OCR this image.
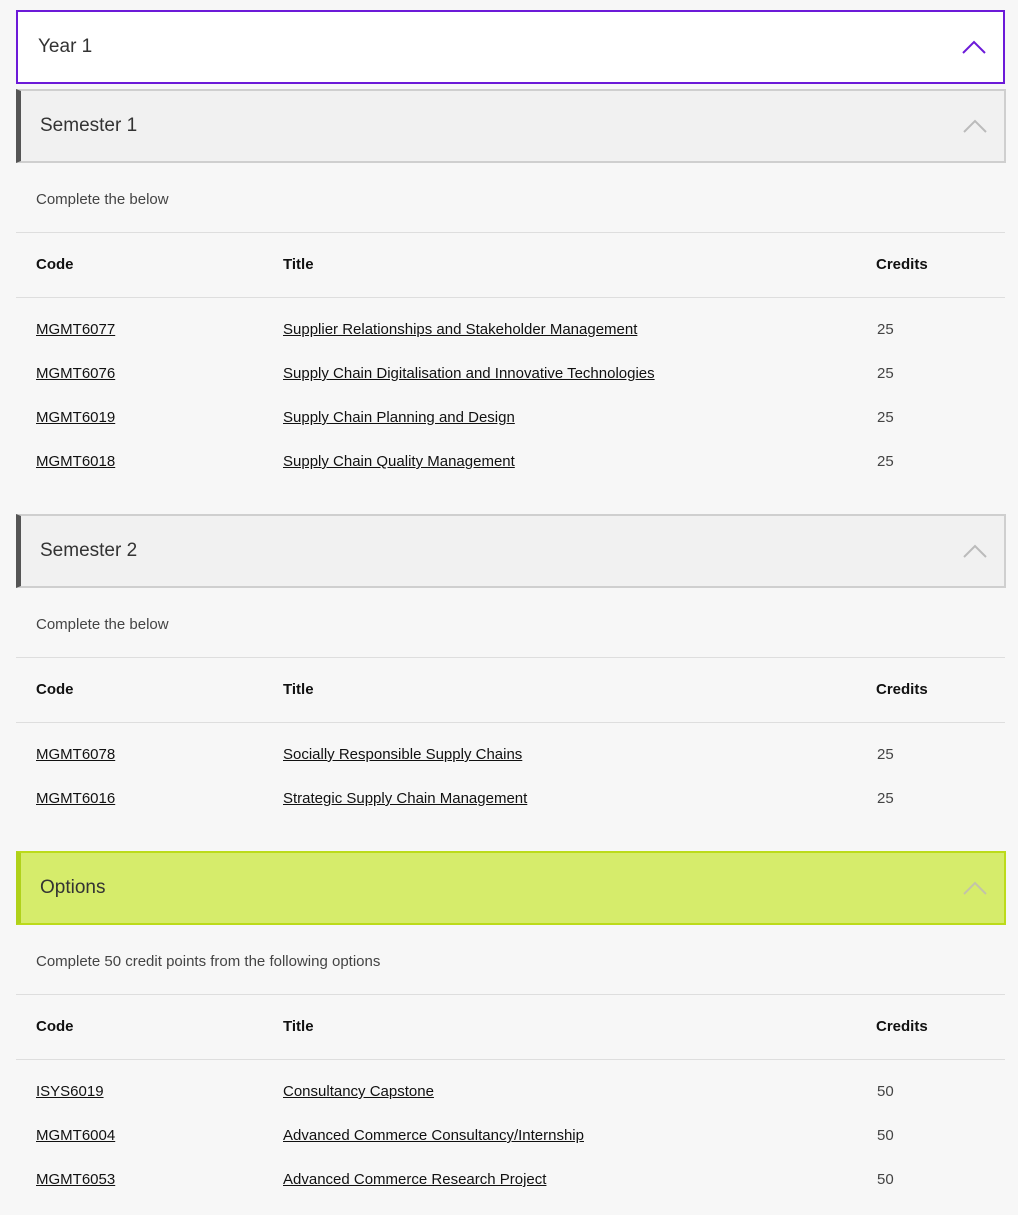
Year 1
Semester 1
Complete the below
Code	Title	Credits
MGMT6077	Supplier Relationships and Stakeholder Management	25
MGMT6076	Supply Chain Digitalisation and Innovative Technologies	25
MGMT6019	Supply Chain Planning and Design	25
MGMT6018	Supply Chain Quality Management	25
Semester 2
Complete the below
Code	Title	Credits
MGMT6078	Socially Responsible Supply Chains	25
MGMT6016	Strategic Supply Chain Management	25
Options
Complete 50 credit points from the following options
Code	Title	Credits
ISYS6019	Consultancy Capstone	50
MGMT6004	Advanced Commerce Consultancy/Internship	50
MGMT6053	Advanced Commerce Research Project	50
